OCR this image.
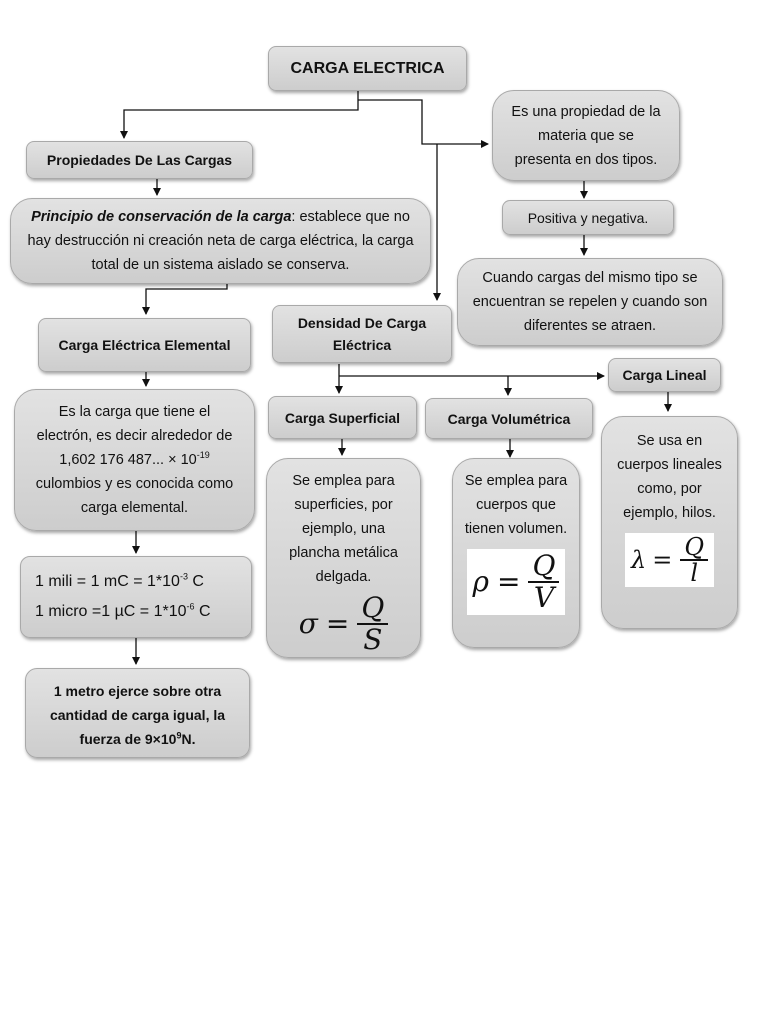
CARGA ELECTRICA
Propiedades De Las Cargas
Principio de conservación de la carga: establece que no hay destrucción ni creación neta de carga eléctrica, la carga total de un sistema aislado se conserva.
Es una propiedad de la materia que se presenta en dos tipos.
Positiva y negativa.
Cuando cargas del mismo tipo se encuentran se repelen y cuando son diferentes se atraen.
Carga Eléctrica Elemental
Es la carga que tiene el electrón, es decir alrededor de 1,602 176 487... × $10^{-19}$ culombios y es conocida como carga elemental.
1 mili = 1 mC = $1*10^{-3}$ C
1 micro =1 $\mu C = 1*10^{-6}$ C
1 metro ejerce sobre otra cantidad de carga igual, la fuerza de $9\times 10^9N$.
Densidad De Carga Eléctrica
Carga Superficial	Carga Volumétrica
Carga Lineal
Se emplea para superficies, por ejemplo, una plancha metálica delgada.
$\sigma = \frac{Q}{S}$
Se emplea para cuerpos que tienen volumen.
$\rho = \frac{Q}{V}$
Se usa en cuerpos lineales como, por ejemplo, hilos.
$\lambda = \frac{Q}{l}$
